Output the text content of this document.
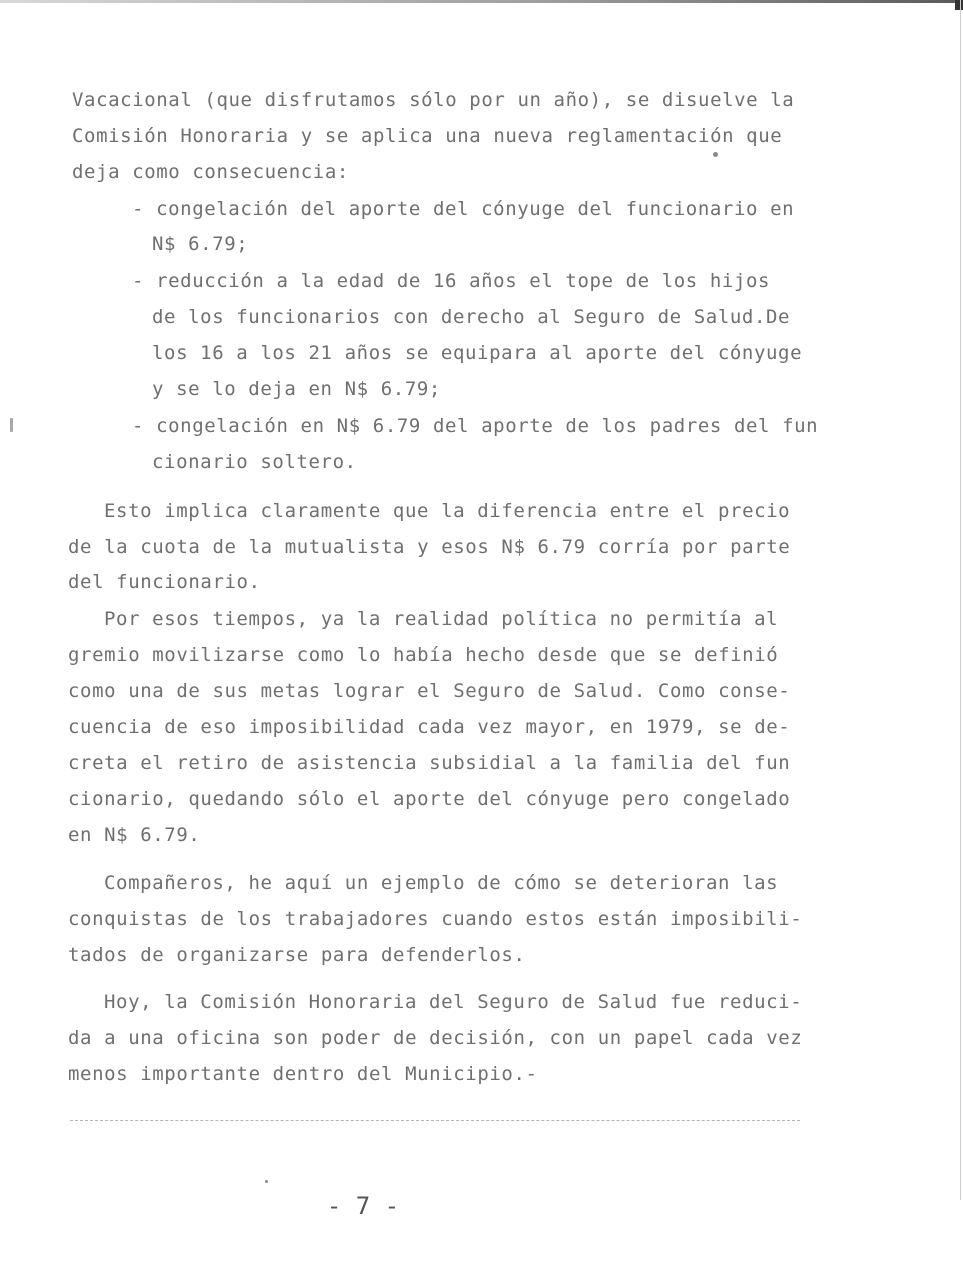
Vacacional (que disfrutamos sólo por un año), se disuelve la
Comisión Honoraria y se aplica una nueva reglamentación que
deja como consecuencia:
- congelación del aporte del cónyuge del funcionario en
N$ 6.79;
- reducción a la edad de 16 años el tope de los hijos
de los funcionarios con derecho al Seguro de Salud.De
los 16 a los 21 años se equipara al aporte del cónyuge
y se lo deja en N$ 6.79;
- congelación en N$ 6.79 del aporte de los padres del fun
cionario soltero.
Esto implica claramente que la diferencia entre el precio
de la cuota de la mutualista y esos N$ 6.79 corría por parte
del funcionario.
Por esos tiempos, ya la realidad política no permitía al
gremio movilizarse como lo había hecho desde que se definió
como una de sus metas lograr el Seguro de Salud. Como conse-
cuencia de eso imposibilidad cada vez mayor, en 1979, se de-
creta el retiro de asistencia subsidial a la familia del fun
cionario, quedando sólo el aporte del cónyuge pero congelado
en N$ 6.79.
Compañeros, he aquí un ejemplo de cómo se deterioran las
conquistas de los trabajadores cuando estos están imposibili-
tados de organizarse para defenderlos.
Hoy, la Comisión Honoraria del Seguro de Salud fue reduci-
da a una oficina son poder de decisión, con un papel cada vez
menos importante dentro del Municipio.-
- 7 -
